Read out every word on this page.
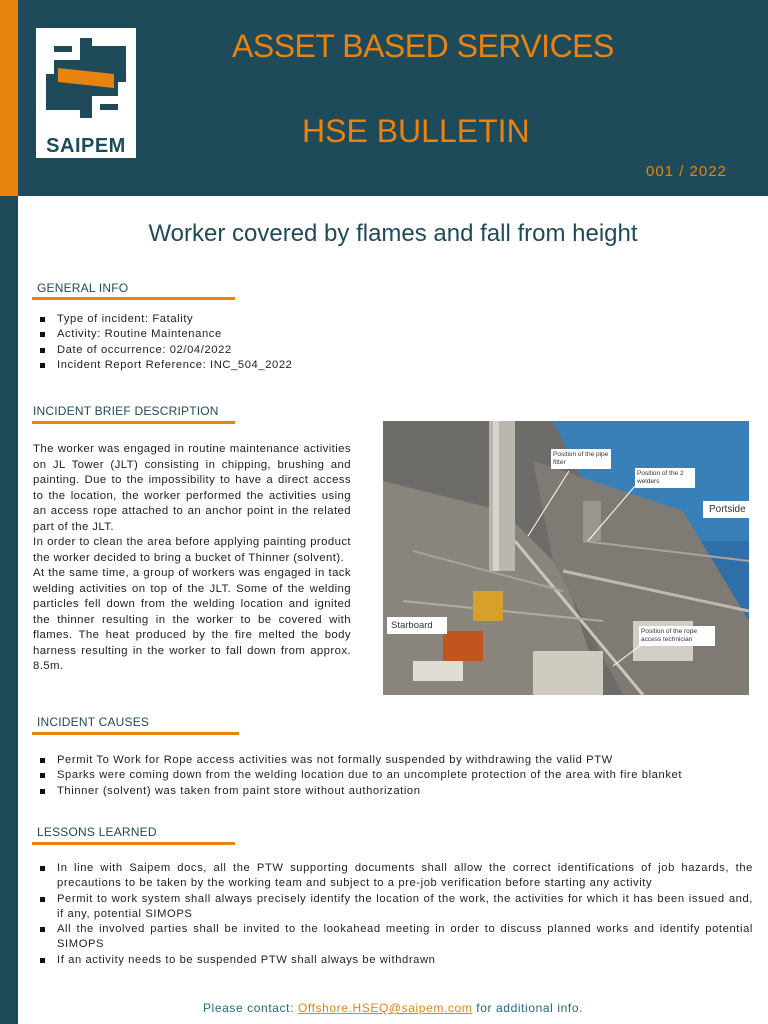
SAIPEM
ASSET BASED SERVICES
HSE BULLETIN
001 / 2022
Worker covered by flames and fall from height
GENERAL INFO
Type of incident: Fatality
Activity: Routine Maintenance
Date of occurrence: 02/04/2022
Incident Report Reference: INC_504_2022
INCIDENT BRIEF DESCRIPTION

The worker was engaged in routine maintenance activities on JL Tower (JLT) consisting in chipping, brushing and painting. Due to the impossibility to have a direct access to the location, the worker performed the activities using an access rope attached to an anchor point in the related part of the JLT.

In order to clean the area before applying painting product the worker decided to bring a bucket of Thinner (solvent).

At the same time, a group of workers was engaged in tack welding activities on top of the JLT. Some of the welding particles fell down from the welding location and ignited the thinner resulting in the worker to be covered with flames. The heat produced by the fire melted the body harness resulting in the worker to fall down from approx. 8.5m.

Position of the pipe fitter
Position of the 2 welders
Portside
Starboard
Position of the rope access technician
INCIDENT CAUSES
Permit To Work for Rope access activities was not formally suspended by withdrawing the valid PTW
Sparks were coming down from the welding location due to an uncomplete protection of the area with fire blanket
Thinner (solvent) was taken from paint store without authorization
LESSONS LEARNED
In line with Saipem docs, all the PTW supporting documents shall allow the correct identifications of job hazards, the precautions to be taken by the working team and subject to a pre-job verification before starting any activity
Permit to work system shall always precisely identify the location of the work, the activities for which it has been issued and, if any, potential SIMOPS
All the involved parties shall be invited to the lookahead meeting in order to discuss planned works and identify potential SIMOPS
If an activity needs to be suspended PTW shall always be withdrawn
Please contact: Offshore.HSEQ@saipem.com for additional info.
